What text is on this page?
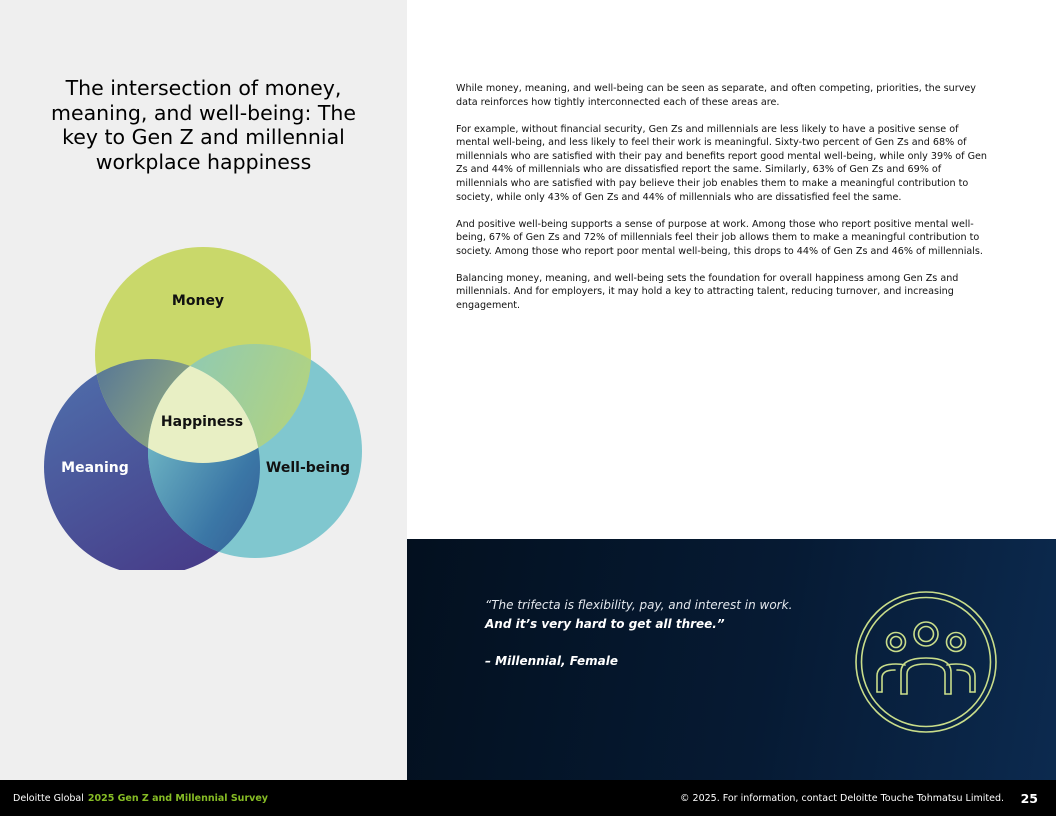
The intersection of money,
meaning, and well-being: The
key to Gen Z and millennial
workplace happiness
Money
Happiness
Meaning	Well-being

While money, meaning, and well-being can be seen as separate, and often competing, priorities, the survey data reinforces how tightly interconnected each of these areas are.

For example, without financial security, Gen Zs and millennials are less likely to have a positive sense of mental well-being, and less likely to feel their work is meaningful. Sixty-two percent of Gen Zs and 68% of millennials who are satisfied with their pay and benefits report good mental well-being, while only 39% of Gen Zs and 44% of millennials who are dissatisfied report the same. Similarly, 63% of Gen Zs and 69% of millennials who are satisfied with pay believe their job enables them to make a meaningful contribution to society, while only 43% of Gen Zs and 44% of millennials who are dissatisfied feel the same.

And positive well-being supports a sense of purpose at work. Among those who report positive mental well-being, 67% of Gen Zs and 72% of millennials feel their job allows them to make a meaningful contribution to society. Among those who report poor mental well-being, this drops to 44% of Gen Zs and 46% of millennials.

Balancing money, meaning, and well-being sets the foundation for overall happiness among Gen Zs and millennials. And for employers, it may hold a key to attracting talent, reducing turnover, and increasing engagement.

“The trifecta is flexibility, pay, and interest in work.
And it’s very hard to get all three.”
– Millennial, Female
Deloitte Global 2025 Gen Z and Millennial Survey	© 2025. For information, contact Deloitte Touche Tohmatsu Limited. 25
